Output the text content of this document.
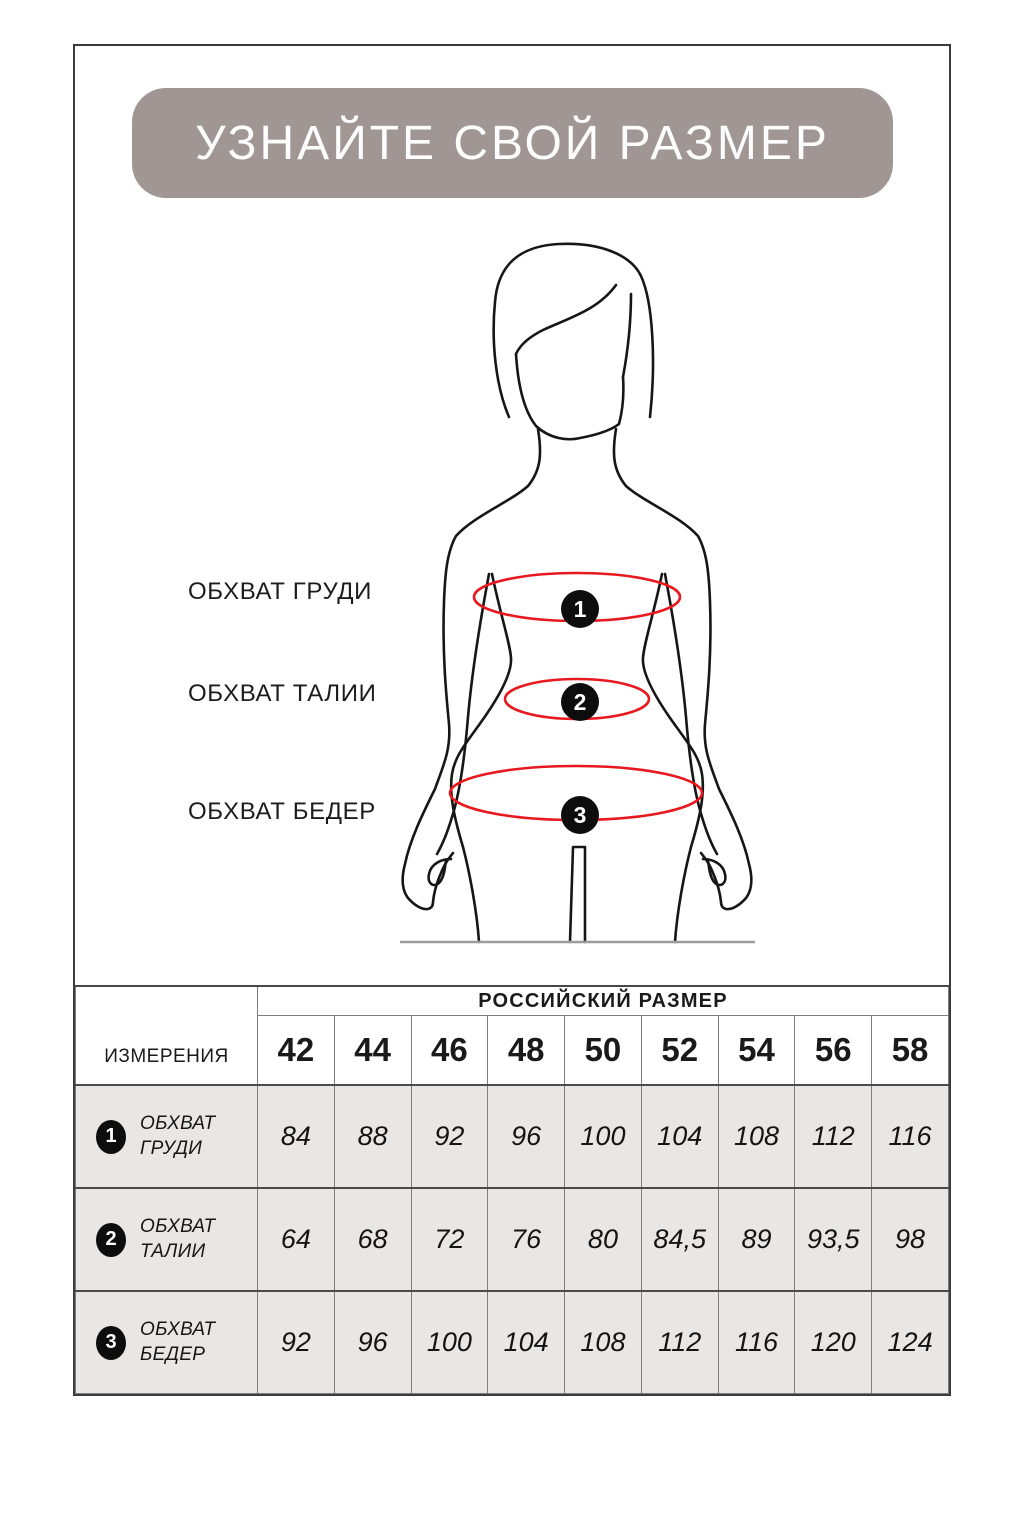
УЗНАЙТЕ СВОЙ РАЗМЕР
ОБХВАТ ГРУДИ
ОБХВАТ ТАЛИИ
ОБХВАТ БЕДЕР
1
2
3
ИЗМЕРЕНИЯ	РОССИЙСКИЙ РАЗМЕР								
	42	44	46	48	50	52	54	56	58

1
ОБХВАТ ГРУДИ	84	88	92	96	100	104	108	112	116

2
ОБХВАТ ТАЛИИ	64	68	72	76	80	84,5	89	93,5	98

3
ОБХВАТ БЕДЕР	92	96	100	104	108	112	116	120	124
